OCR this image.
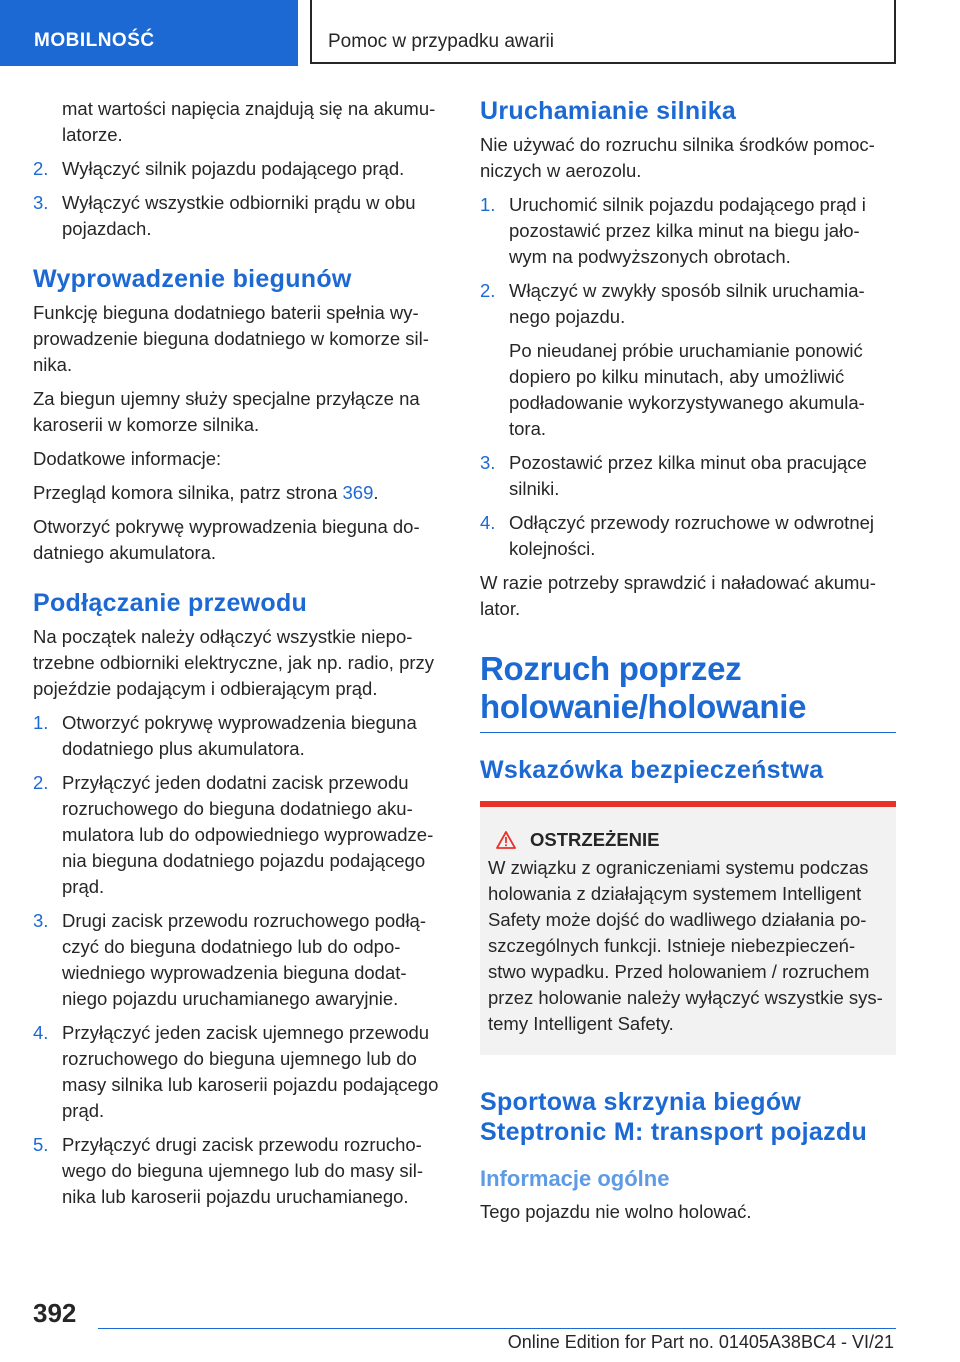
MOBILNOŚĆ	Pomoc w przypadku awarii
mat wartości napięcia znajdują się na akumu-latorze.
2. Wyłączyć silnik pojazdu podającego prąd.
3. Wyłączyć wszystkie odbiorniki prądu w obu pojazdach.
Wyprowadzenie biegunów

Funkcję bieguna dodatniego baterii spełnia wy-prowadzenie bieguna dodatniego w komorze sil-nika.

Za biegun ujemny służy specjalne przyłącze na karoserii w komorze silnika.

Dodatkowe informacje:

Przegląd komora silnika, patrz strona 369.

Otworzyć pokrywę wyprowadzenia bieguna do-datniego akumulatora.

Podłączanie przewodu

Na początek należy odłączyć wszystkie niepo-trzebne odbiorniki elektryczne, jak np. radio, przy pojeździe podającym i odbierającym prąd.

1. Otworzyć pokrywę wyprowadzenia bieguna dodatniego plus akumulatora.
2. Przyłączyć jeden dodatni zacisk przewodu rozruchowego do bieguna dodatniego aku-mulatora lub do odpowiedniego wyprowadze-nia bieguna dodatniego pojazdu podającego prąd.
3. Drugi zacisk przewodu rozruchowego podłą-czyć do bieguna dodatniego lub do odpo-wiedniego wyprowadzenia bieguna dodat-niego pojazdu uruchamianego awaryjnie.
4. Przyłączyć jeden zacisk ujemnego przewodu rozruchowego do bieguna ujemnego lub do masy silnika lub karoserii pojazdu podającego prąd.
5. Przyłączyć drugi zacisk przewodu rozrucho-wego do bieguna ujemnego lub do masy sil-nika lub karoserii pojazdu uruchamianego.
Uruchamianie silnika

Nie używać do rozruchu silnika środków pomoc-niczych w aerozolu.

1. Uruchomić silnik pojazdu podającego prąd i pozostawić przez kilka minut na biegu jało-wym na podwyższonych obrotach.
2. Włączyć w zwykły sposób silnik uruchamia-nego pojazdu.
Po nieudanej próbie uruchamianie ponowić dopiero po kilku minutach, aby umożliwić podładowanie wykorzystywanego akumula-tora.
3. Pozostawić przez kilka minut oba pracujące silniki.
4. Odłączyć przewody rozruchowe w odwrotnej kolejności.

W razie potrzeby sprawdzić i naładować akumu-lator.

Rozruch poprzez holowanie/holowanie
Wskazówka bezpieczeństwa
OSTRZEŻENIE

W związku z ograniczeniami systemu podczas holowania z działającym systemem Intelligent Safety może dojść do wadliwego działania po-szczególnych funkcji. Istnieje niebezpieczeń-stwo wypadku. Przed holowaniem / rozruchem przez holowanie należy wyłączyć wszystkie sys-temy Intelligent Safety.

Sportowa skrzynia biegów Steptronic M: transport pojazdu
Informacje ogólne

Tego pojazdu nie wolno holować.

392
Online Edition for Part no. 01405A38BC4 - VI/21
